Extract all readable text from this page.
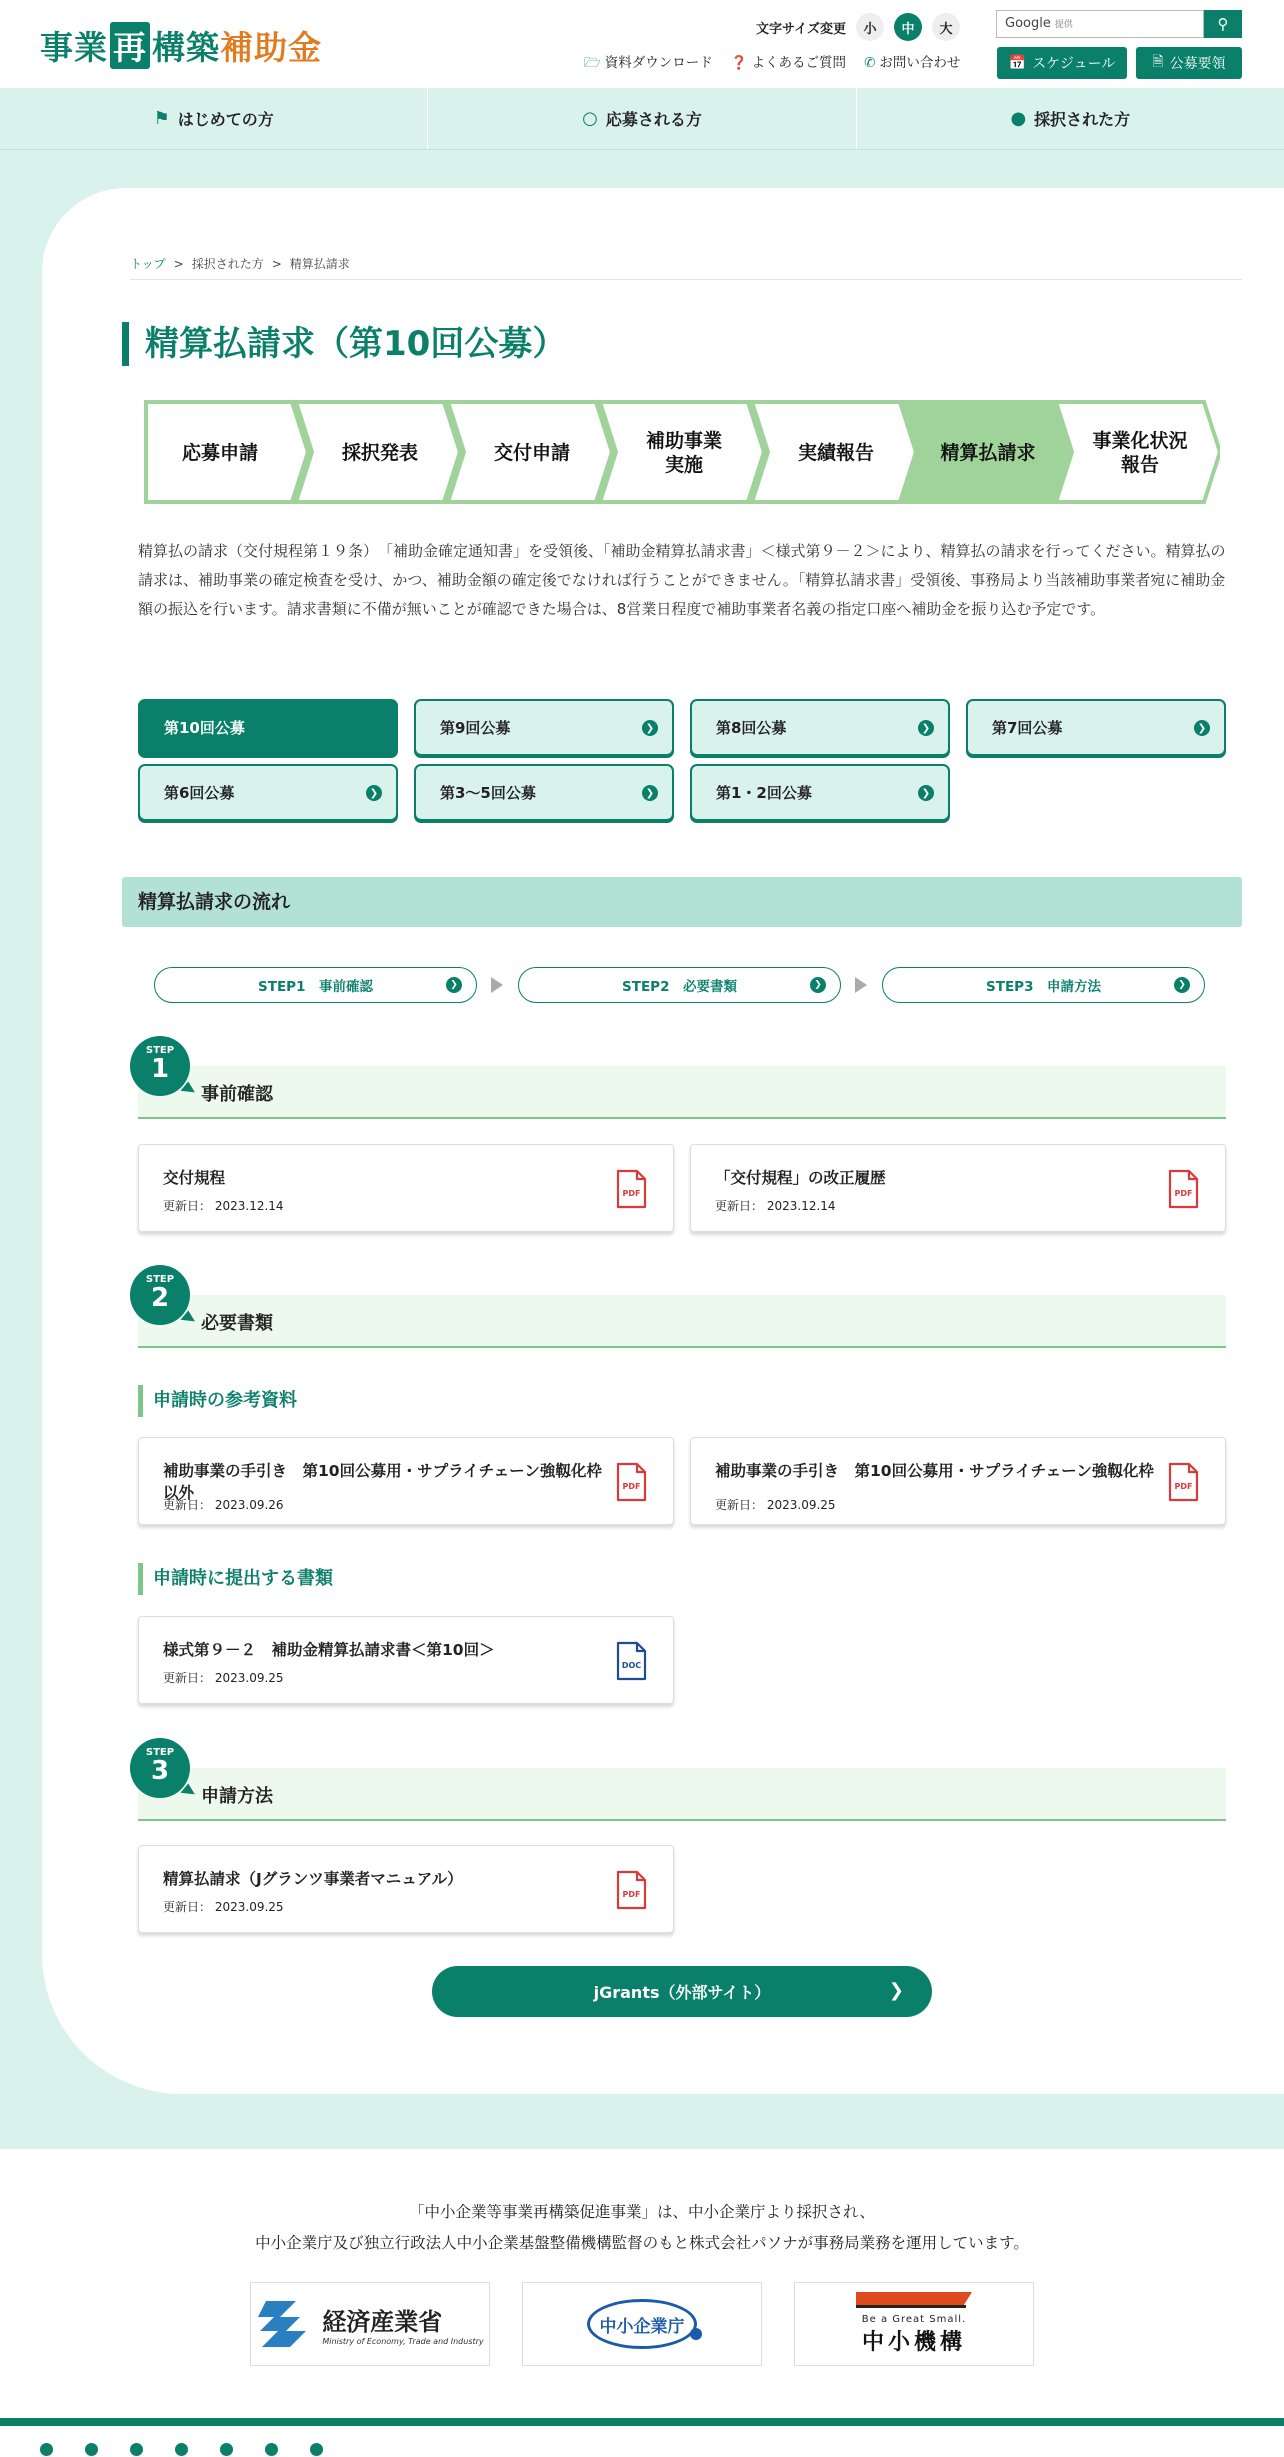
事業 再 構築補助金	文字サイズ変更	小	中	大	Google 提供	⚲
🗁 資料ダウンロード ❓ よくあるご質問 ✆ お問い合わせ	📅 スケジュール	🗎 公募要領
⚑ はじめての方	○ 応募される方	● 採択された方
トップ > 採択された方 > 精算払請求
精算払請求（第10回公募）
応募申請	採択発表	交付申請
補助事業
実施
実績報告	精算払請求
事業化状況
報告
精算払の請求（交付規程第１９条）　「補助金確定通知書」を受領後、「補助金精算払請求書」＜様式第９－２＞により、精算払の請求を行ってください。精算払の請求は、補助事業の確定検査を受け、かつ、補助金額の確定後でなければ行うことができません。「精算払請求書」受領後、事務局より当該補助事業者宛に補助金額の振込を行います。請求書類に不備が無いことが確認できた場合は、8営業日程度で補助事業者名義の指定口座へ補助金を振り込む予定です。
第10回公募	第9回公募	❯	第8回公募	❯	第7回公募	❯
第6回公募	❯	第3〜5回公募	❯	第1・2回公募	❯
精算払請求の流れ
STEP1　事前確認	❯	STEP2　必要書類	❯	STEP3　申請方法	❯
事前確認
STEP
1
交付規程
更新日： 2023.12.14
PDF
「交付規程」の改正履歴
更新日： 2023.12.14
PDF
必要書類
STEP
2
申請時の参考資料
補助事業の手引き　第10回公募用・サプライチェーン強靱化枠以外
更新日： 2023.09.26
PDF
補助事業の手引き　第10回公募用・サプライチェーン強靱化枠
更新日： 2023.09.25
PDF
申請時に提出する書類
様式第９－２　補助金精算払請求書＜第10回＞
更新日： 2023.09.25
DOC
申請方法
STEP
3
精算払請求（Jグランツ事業者マニュアル）
更新日： 2023.09.25
PDF
jGrants（外部サイト）	❯
「中小企業等事業再構築促進事業」は、中小企業庁より採択され、
中小企業庁及び独立行政法人中小企業基盤整備機構監督のもと株式会社パソナが事務局業務を運用しています。
経済産業省
Ministry of Economy, Trade and Industry
中小企業庁	Be a Great Small.
中小機構
